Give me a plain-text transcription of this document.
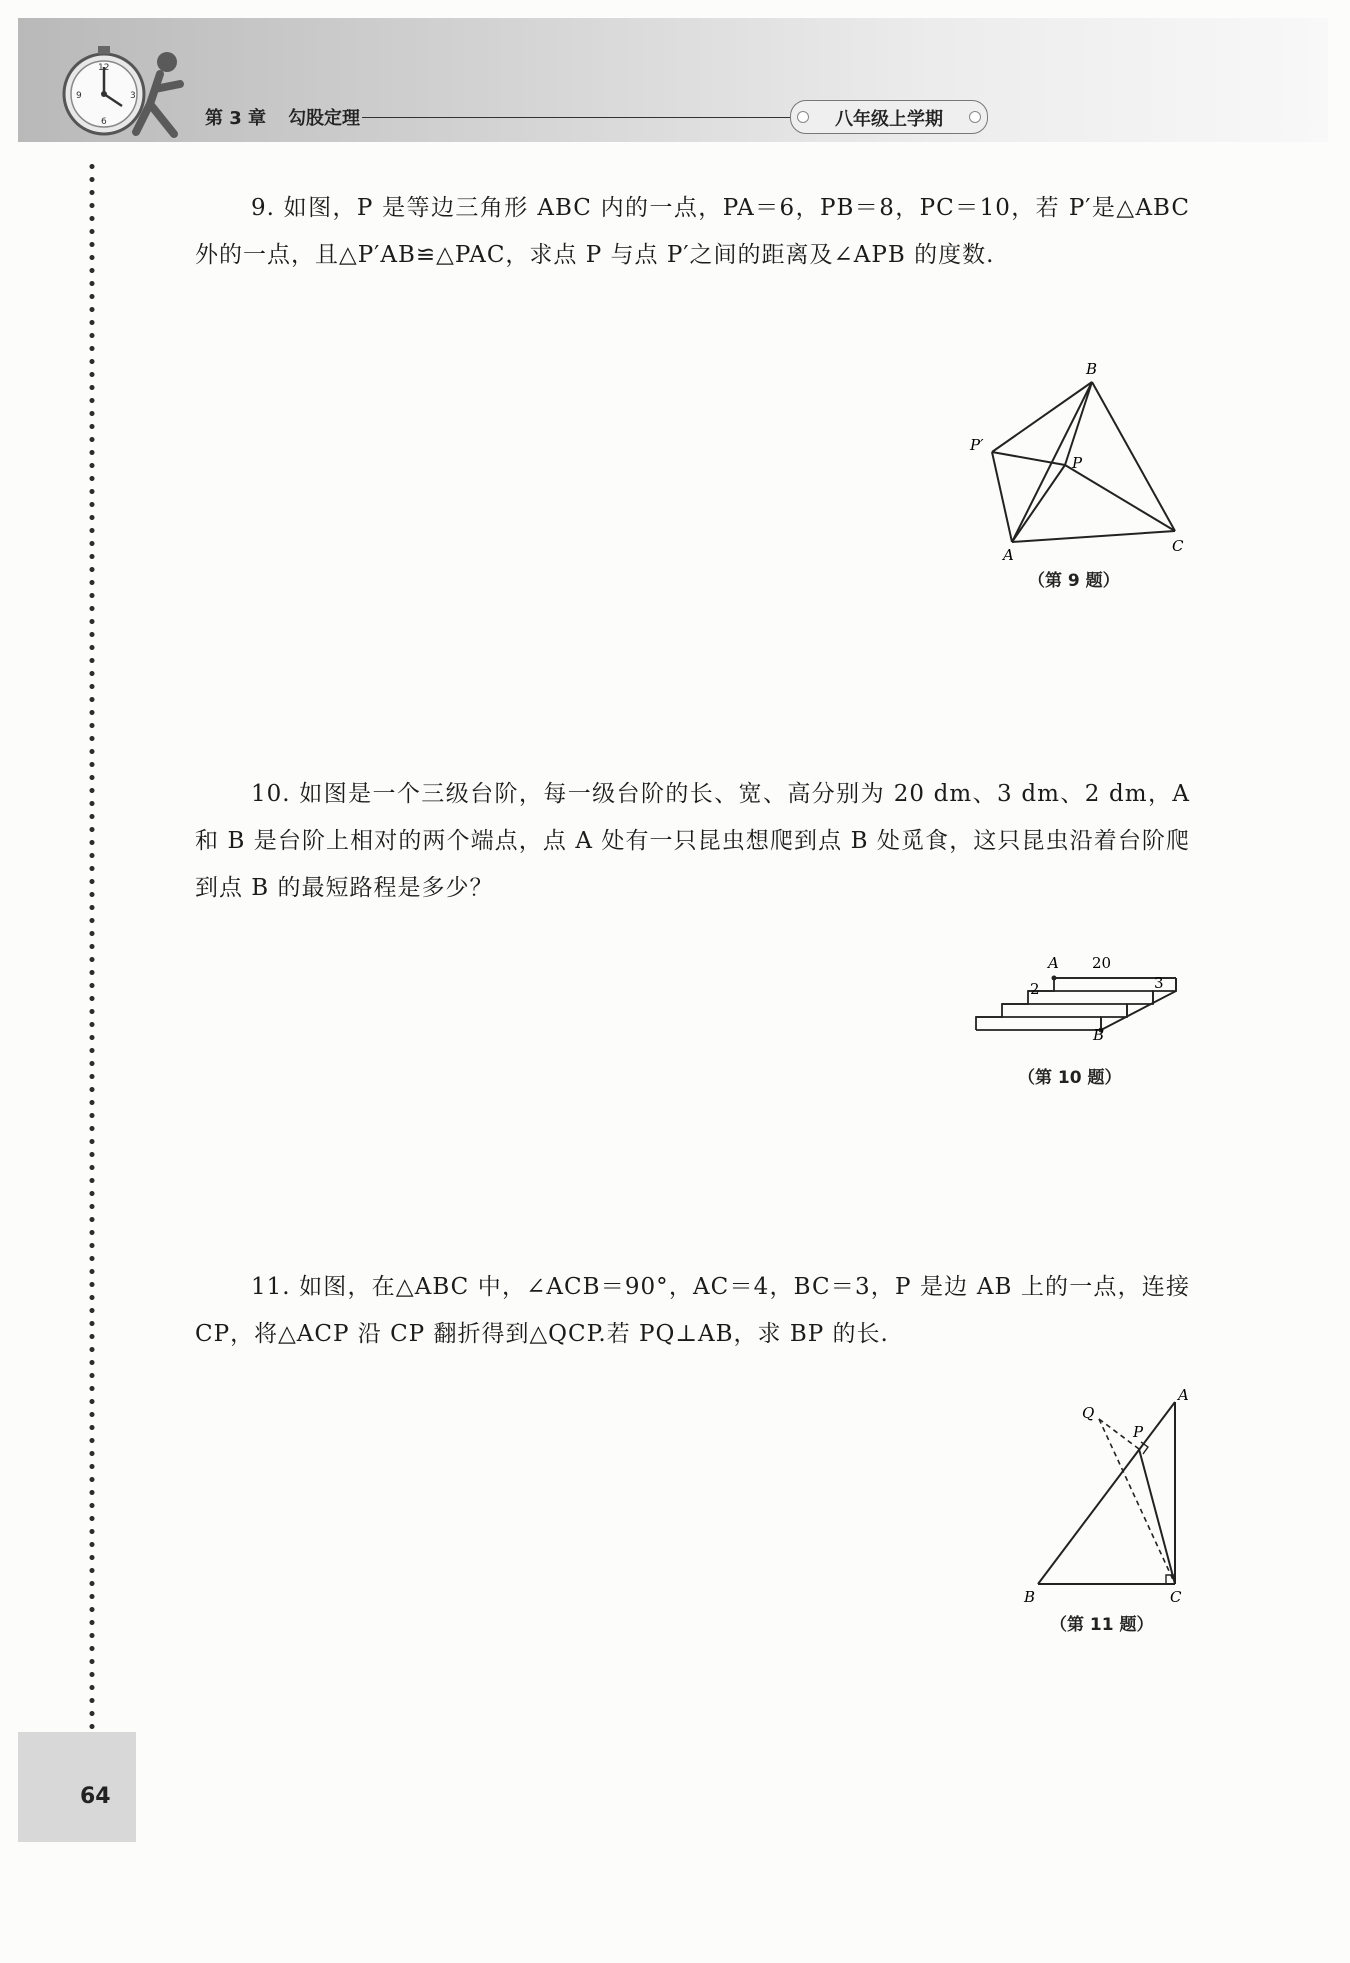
12
3
6
9
第 3 章 勾股定理	八年级上学期
64
9. 如图，P 是等边三角形 ABC 内的一点，PA＝6，PB＝8，PC＝10，若 P′是△ABC 外的一点，且△P′AB≌△PAC，求点 P 与点 P′之间的距离及∠APB 的度数.
B
P′
P
A	C
（第 9 题）
10. 如图是一个三级台阶，每一级台阶的长、宽、高分别为 20 dm、3 dm、2 dm，A 和 B 是台阶上相对的两个端点，点 A 处有一只昆虫想爬到点 B 处觅食，这只昆虫沿着台阶爬到点 B 的最短路程是多少？
A 20
2	3
B
（第 10 题）
11. 如图，在△ABC 中，∠ACB＝90°，AC＝4，BC＝3，P 是边 AB 上的一点，连接 CP，将△ACP 沿 CP 翻折得到△QCP.若 PQ⊥AB，求 BP 的长.
Q
P
A
B	C
（第 11 题）
